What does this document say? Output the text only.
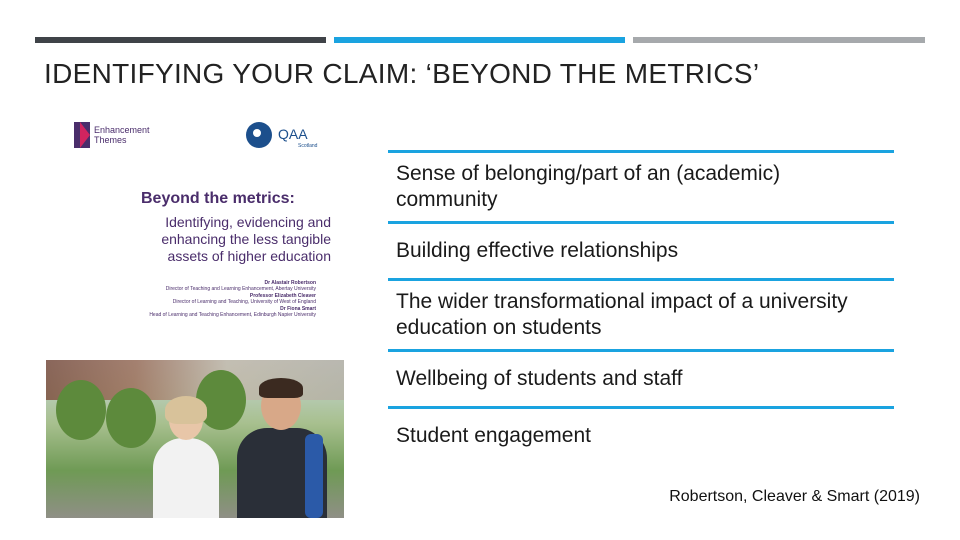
IDENTIFYING YOUR CLAIM: ‘BEYOND THE METRICS’
Enhancement Themes	QAA
Scotland
Beyond the metrics:
Identifying, evidencing and enhancing the less tangible assets of higher education
Dr Alastair Robertson
Director of Teaching and Learning Enhancement, Abertay University
Professor Elizabeth Cleaver
Director of Learning and Teaching, University of West of England
Dr Fiona Smart
Head of Learning and Teaching Enhancement, Edinburgh Napier University
Sense of belonging/part of an (academic) community
Building effective relationships
The wider transformational impact of a university education on students
Wellbeing of students and staff
Student engagement
Robertson, Cleaver & Smart (2019)
